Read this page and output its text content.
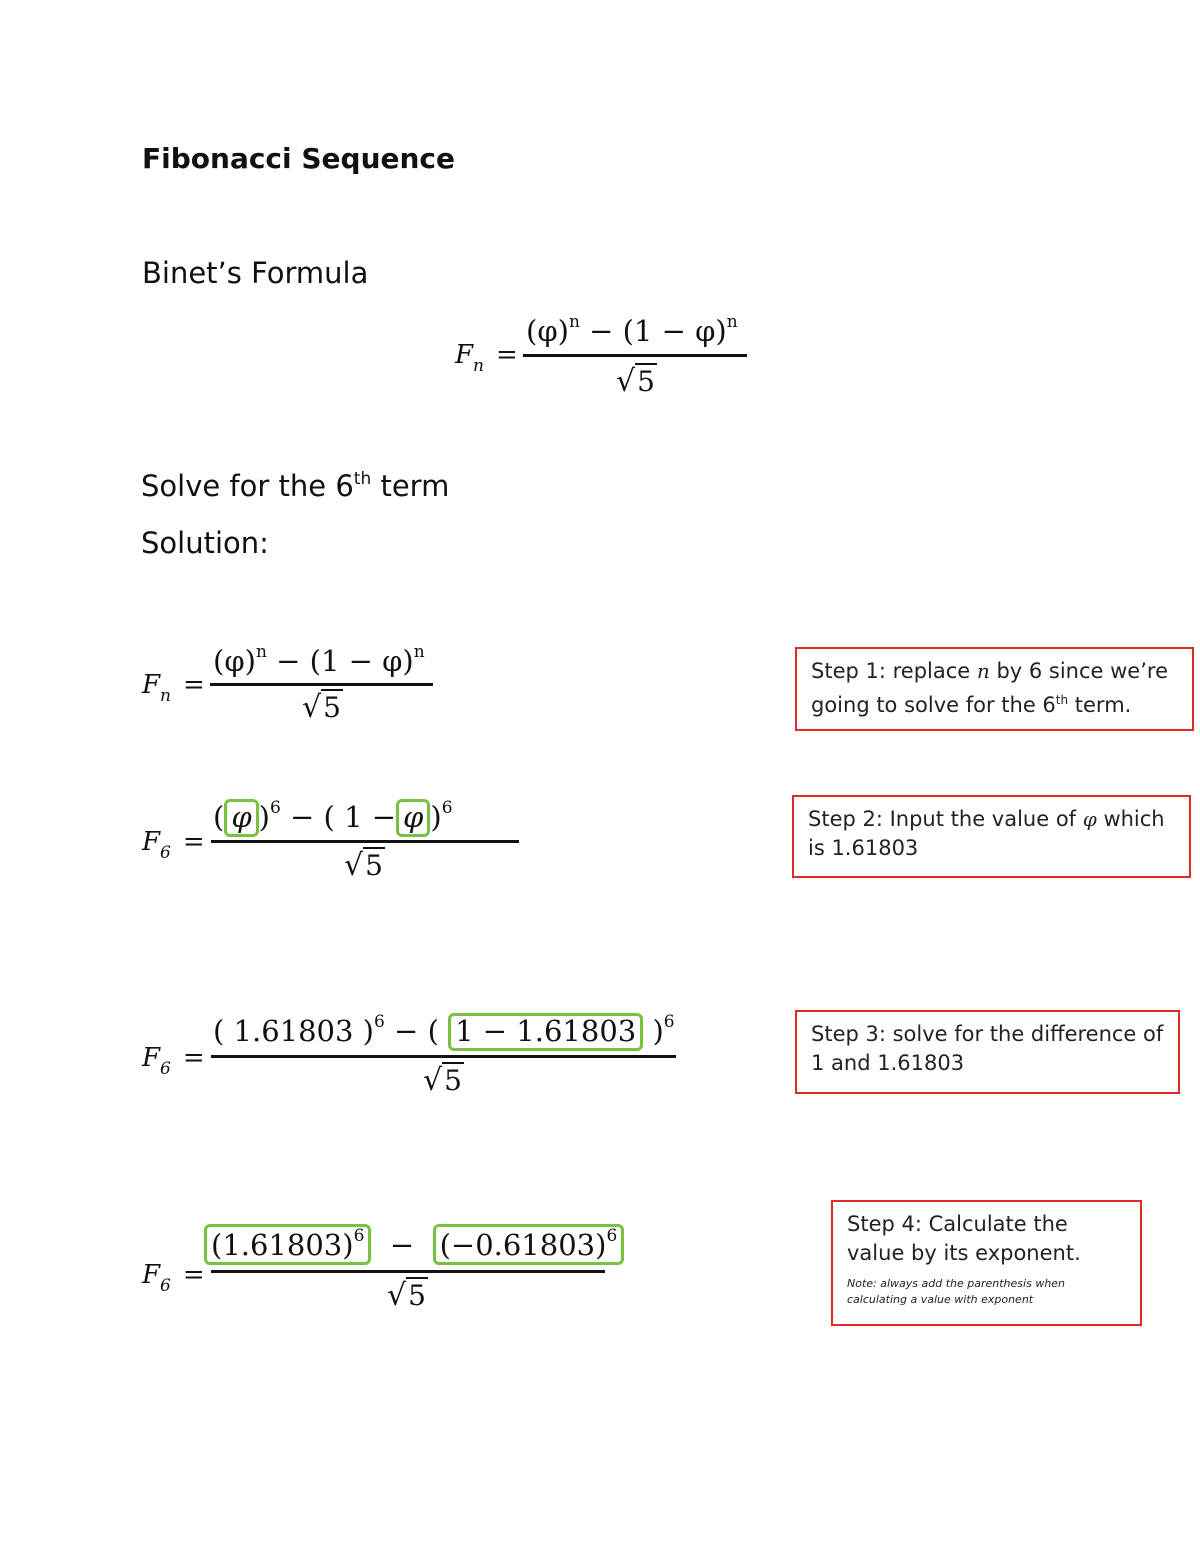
Fibonacci Sequence
Binet’s Formula
$F_n$ =
$(\varphi)^n - (1 - \varphi)^n$
√5
Solve for the 6th term
Solution:
$F_n$ =
$(\varphi)^n - (1 - \varphi)^n$
√5
$F_6$ =
( φ )$^6$ − ( 1 − φ )$^6$
√5
$F_6$ =
( 1.61803 )$^6$ − ( 1 − 1.61803 )$^6$
√5
$F_6$ =
$(1.61803)^6 - (-0.61803)^6$
√5
Step 1: replace n by 6 since we’re going to solve for the 6th term.
Step 2: Input the value of φ which is 1.61803
Step 3: solve for the difference of 1 and 1.61803
Step 4: Calculate the value by its exponent.
Note: always add the parenthesis when calculating a value with exponent
